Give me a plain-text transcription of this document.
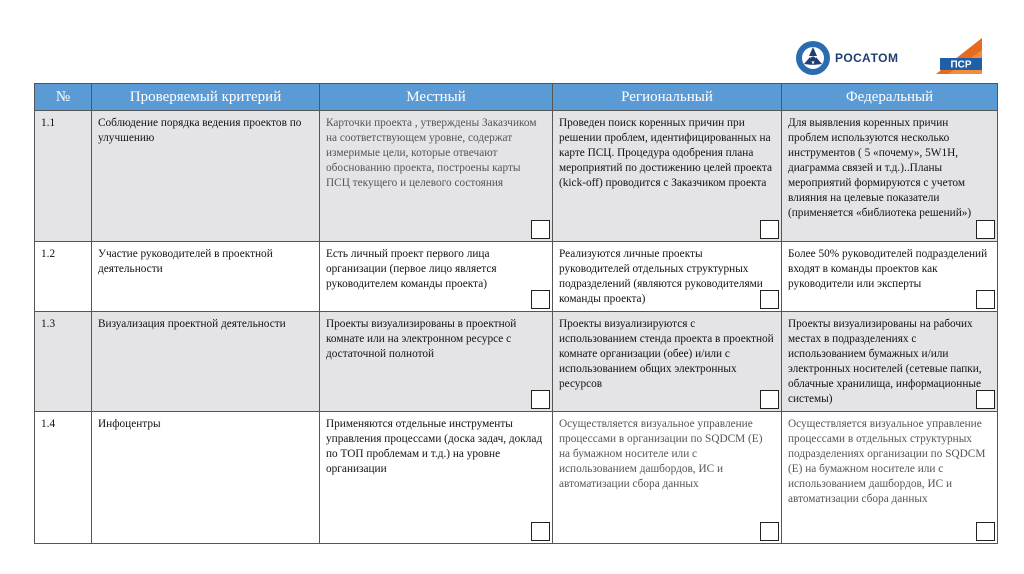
РОСАТОМ	ПСР
№	Проверяемый критерий	Местный	Региональный	Федеральный
1.1	Соблюдение порядка ведения проектов по улучшению	Карточки проекта , утверждены Заказчиком на соответствующем уровне, содержат измеримые цели, которые отвечают обоснованию проекта, построены карты ПСЦ текущего и целевого состояния	Проведен поиск коренных причин при решении проблем, идентифицированных на карте ПСЦ. Процедура одобрения плана мероприятий по достижению целей проекта (kick-off) проводится с Заказчиком проекта	Для выявления коренных причин проблем используются несколько инструментов ( 5 «почему», 5W1H, диаграмма связей и т.д.)..Планы мероприятий формируются с учетом влияния на целевые показатели (применяется «библиотека решений»)

1.2	Участие руководителей в проектной деятельности	Есть личный проект первого лица организации (первое лицо является руководителем команды проекта)	Реализуются личные проекты руководителей отдельных структурных подразделений (являются руководителями команды проекта)	Более 50% руководителей подразделений входят в команды проектов как руководители или эксперты

1.3	Визуализация проектной деятельности	Проекты визуализированы в проектной комнате или на электронном ресурсе с достаточной полнотой	Проекты визуализируются с использованием стенда проекта в проектной комнате организации (обее) и/или с использованием общих электронных ресурсов	Проекты визуализированы на рабочих местах в подразделениях с использованием бумажных и/или электронных носителей (сетевые папки, облачные хранилища, информационные системы)

1.4	Инфоцентры	Применяются отдельные инструменты управления процессами (доска задач, доклад по ТОП проблемам и т.д.) на уровне организации	Осуществляется визуальное управление процессами в организации по SQDCM (Е) на бумажном носителе или с использованием дашбордов, ИС и автоматизации сбора данных	Осуществляется визуальное управление процессами в отдельных структурных подразделениях организации по SQDCM (Е) на бумажном носителе или с использованием дашбордов, ИС и автоматизации сбора данных
